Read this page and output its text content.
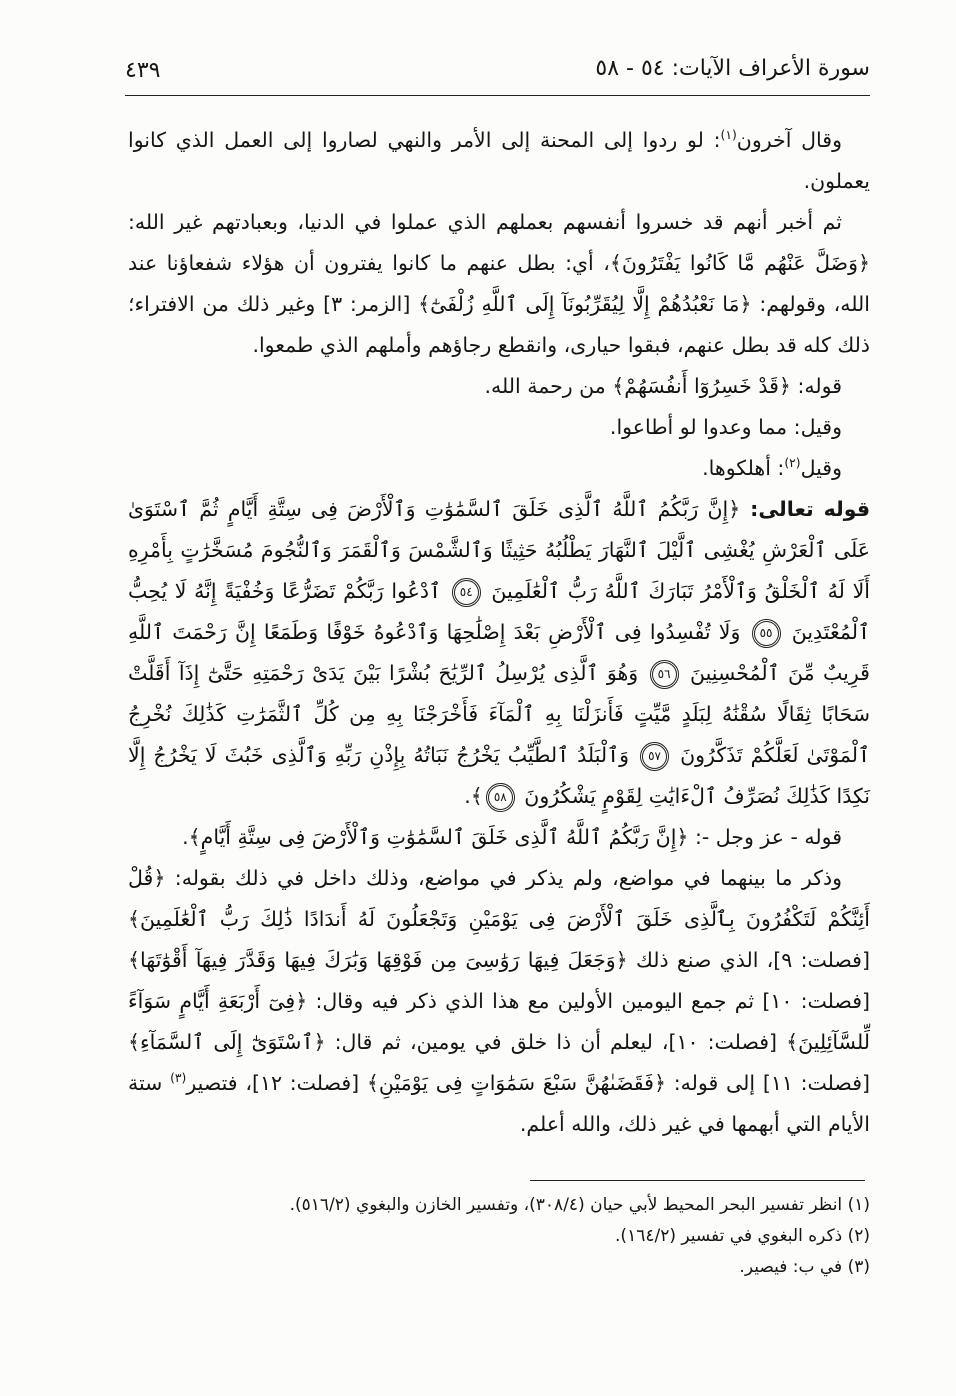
٤٣٩	سورة الأعراف الآيات: ٥٤ - ٥٨

وقال آخرون$^{(١)}$: لو ردوا إلى المحنة إلى الأمر والنهي لصاروا إلى العمل الذي كانوا يعملون.

ثم أخبر أنهم قد خسروا أنفسهم بعملهم الذي عملوا في الدنيا، وبعبادتهم غير الله: ﴿وَضَلَّ عَنْهُم مَّا كَانُوا يَفْتَرُونَ﴾، أي: بطل عنهم ما كانوا يفترون أن هؤلاء شفعاؤنا عند الله، وقولهم: ﴿مَا نَعْبُدُهُمْ إِلَّا لِيُقَرِّبُونَآ إِلَى ٱللَّهِ زُلْفَىٰٓ﴾ [الزمر: ٣] وغير ذلك من الافتراء؛ ذلك كله قد بطل عنهم، فبقوا حيارى، وانقطع رجاؤهم وأملهم الذي طمعوا.

قوله: ﴿قَدْ خَسِرُوٓا أَنفُسَهُمْ﴾ من رحمة الله.

وقيل: مما وعدوا لو أطاعوا.

وقيل$^{(٢)}$: أهلكوها.

قوله تعالى: ﴿إِنَّ رَبَّكُمُ ٱللَّهُ ٱلَّذِى خَلَقَ ٱلسَّمَٰوَٰتِ وَٱلْأَرْضَ فِى سِتَّةِ أَيَّامٍ ثُمَّ ٱسْتَوَىٰ عَلَى ٱلْعَرْشِ يُغْشِى ٱلَّيْلَ ٱلنَّهَارَ يَطْلُبُهُ حَثِيثًا وَٱلشَّمْسَ وَٱلْقَمَرَ وَٱلنُّجُومَ مُسَخَّرَٰتٍ بِأَمْرِهِ أَلَا لَهُ ٱلْخَلْقُ وَٱلْأَمْرُ تَبَارَكَ ٱللَّهُ رَبُّ ٱلْعَٰلَمِينَ ٥٤ ٱدْعُوا رَبَّكُمْ تَضَرُّعًا وَخُفْيَةً إِنَّهُ لَا يُحِبُّ ٱلْمُعْتَدِينَ ٥٥ وَلَا تُفْسِدُوا فِى ٱلْأَرْضِ بَعْدَ إِصْلَٰحِهَا وَٱدْعُوهُ خَوْفًا وَطَمَعًا إِنَّ رَحْمَتَ ٱللَّهِ قَرِيبٌ مِّنَ ٱلْمُحْسِنِينَ ٥٦ وَهُوَ ٱلَّذِى يُرْسِلُ ٱلرِّيَٰحَ بُشْرًا بَيْنَ يَدَىْ رَحْمَتِهِ حَتَّىٰٓ إِذَآ أَقَلَّتْ سَحَابًا ثِقَالًا سُقْنَٰهُ لِبَلَدٍ مَّيِّتٍ فَأَنزَلْنَا بِهِ ٱلْمَآءَ فَأَخْرَجْنَا بِهِ مِن كُلِّ ٱلثَّمَرَٰتِ كَذَٰلِكَ نُخْرِجُ ٱلْمَوْتَىٰ لَعَلَّكُمْ تَذَكَّرُونَ ٥٧ وَٱلْبَلَدُ ٱلطَّيِّبُ يَخْرُجُ نَبَاتُهُ بِإِذْنِ رَبِّهِ وَٱلَّذِى خَبُثَ لَا يَخْرُجُ إِلَّا نَكِدًا كَذَٰلِكَ نُصَرِّفُ ٱلْءَايَٰتِ لِقَوْمٍ يَشْكُرُونَ ٥٨﴾.

قوله - عز وجل -: ﴿إِنَّ رَبَّكُمُ ٱللَّهُ ٱلَّذِى خَلَقَ ٱلسَّمَٰوَٰتِ وَٱلْأَرْضَ فِى سِتَّةِ أَيَّامٍ﴾.

وذكر ما بينهما في مواضع، ولم يذكر في مواضع، وذلك داخل في ذلك بقوله: ﴿قُلْ أَئِنَّكُمْ لَتَكْفُرُونَ بِٱلَّذِى خَلَقَ ٱلْأَرْضَ فِى يَوْمَيْنِ وَتَجْعَلُونَ لَهُ أَندَادًا ذَٰلِكَ رَبُّ ٱلْعَٰلَمِينَ﴾ [فصلت: ٩]، الذي صنع ذلك ﴿وَجَعَلَ فِيهَا رَوَٰسِىَ مِن فَوْقِهَا وَبَٰرَكَ فِيهَا وَقَدَّرَ فِيهَآ أَقْوَٰتَهَا﴾ [فصلت: ١٠] ثم جمع اليومين الأولين مع هذا الذي ذكر فيه وقال: ﴿فِىٓ أَرْبَعَةِ أَيَّامٍ سَوَآءً لِّلسَّآئِلِينَ﴾ [فصلت: ١٠]، ليعلم أن ذا خلق في يومين، ثم قال: ﴿ٱسْتَوَىٰٓ إِلَى ٱلسَّمَآءِ﴾ [فصلت: ١١] إلى قوله: ﴿فَقَضَىٰهُنَّ سَبْعَ سَمَٰوَاتٍ فِى يَوْمَيْنِ﴾ [فصلت: ١٢]، فتصير$^{(٣)}$ ستة الأيام التي أبهمها في غير ذلك، والله أعلم.

(١) انظر تفسير البحر المحيط لأبي حيان (٣٠٨/٤)، وتفسير الخازن والبغوي (٥١٦/٢).
(٢) ذكره البغوي في تفسير (١٦٤/٢).
(٣) في ب: فيصير.
